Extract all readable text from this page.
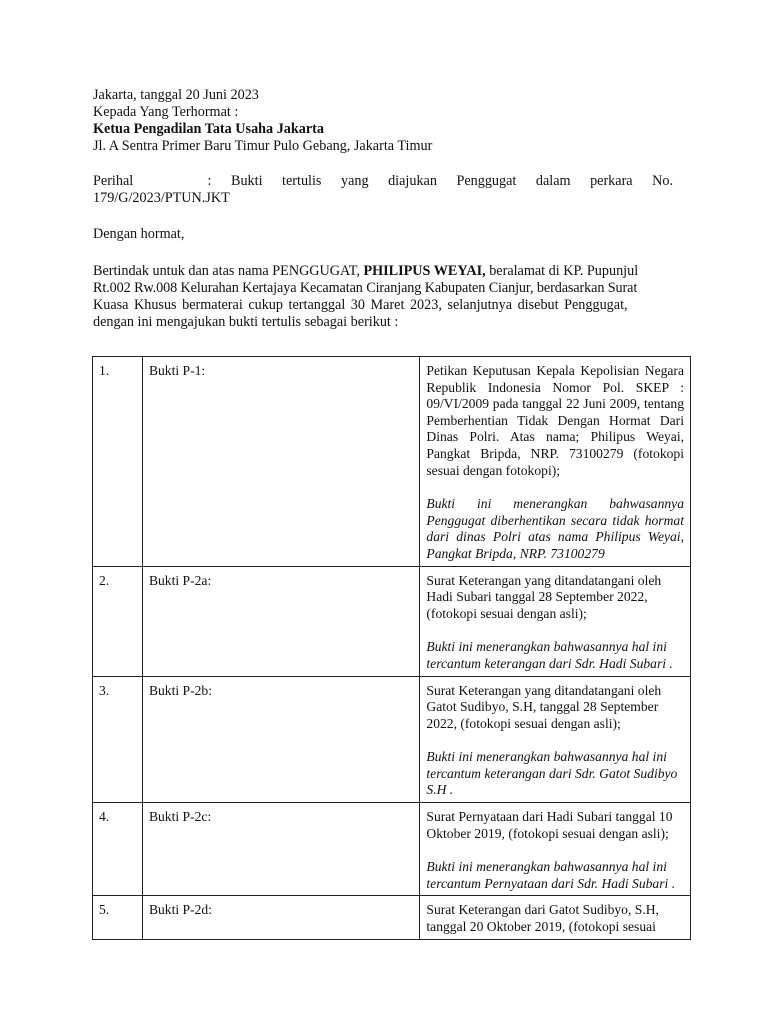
Jakarta, tanggal 20 Juni 2023
Kepada Yang Terhormat :
Ketua Pengadilan Tata Usaha Jakarta
Jl. A Sentra Primer Baru Timur Pulo Gebang, Jakarta Timur
Perihal	: Bukti tertulis yang diajukan Penggugat dalam perkara No.
179/G/2023/PTUN.JKT
Dengan hormat,
Bertindak untuk dan atas nama PENGGUGAT, PHILIPUS WEYAI, beralamat di KP. Pupunjul
Rt.002 Rw.008 Kelurahan Kertajaya Kecamatan Ciranjang Kabupaten Cianjur, berdasarkan Surat
Kuasa Khusus bermaterai cukup tertanggal 30 Maret 2023, selanjutnya disebut Penggugat,
dengan ini mengajukan bukti tertulis sebagai berikut :
1.	Bukti P-1:	Petikan Keputusan Kepala Kepolisian Negara Republik Indonesia Nomor Pol. SKEP : 09/VI/2009 pada tanggal 22 Juni 2009, tentang Pemberhentian Tidak Dengan Hormat Dari Dinas Polri. Atas nama; Philipus Weyai, Pangkat Bripda, NRP. 73100279 (fotokopi sesuai dengan fotokopi);
Bukti ini menerangkan bahwasannya Penggugat diberhentikan secara tidak hormat dari dinas Polri atas nama Philipus Weyai, Pangkat Bripda, NRP. 73100279

2.	Bukti P-2a:	Surat Keterangan yang ditandatangani oleh Hadi Subari tanggal 28 September 2022, (fotokopi sesuai dengan asli);
Bukti ini menerangkan bahwasannya hal ini tercantum keterangan dari Sdr. Hadi Subari .

3.	Bukti P-2b:	Surat Keterangan yang ditandatangani oleh Gatot Sudibyo, S.H, tanggal 28 September 2022, (fotokopi sesuai dengan asli);
Bukti ini menerangkan bahwasannya hal ini tercantum keterangan dari Sdr. Gatot Sudibyo S.H .

4.	Bukti P-2c:	Surat Pernyataan dari Hadi Subari tanggal 10 Oktober 2019, (fotokopi sesuai dengan asli);
Bukti ini menerangkan bahwasannya hal ini tercantum Pernyataan dari Sdr. Hadi Subari .

5.	Bukti P-2d:	Surat Keterangan dari Gatot Sudibyo, S.H, tanggal 20 Oktober 2019, (fotokopi sesuai
